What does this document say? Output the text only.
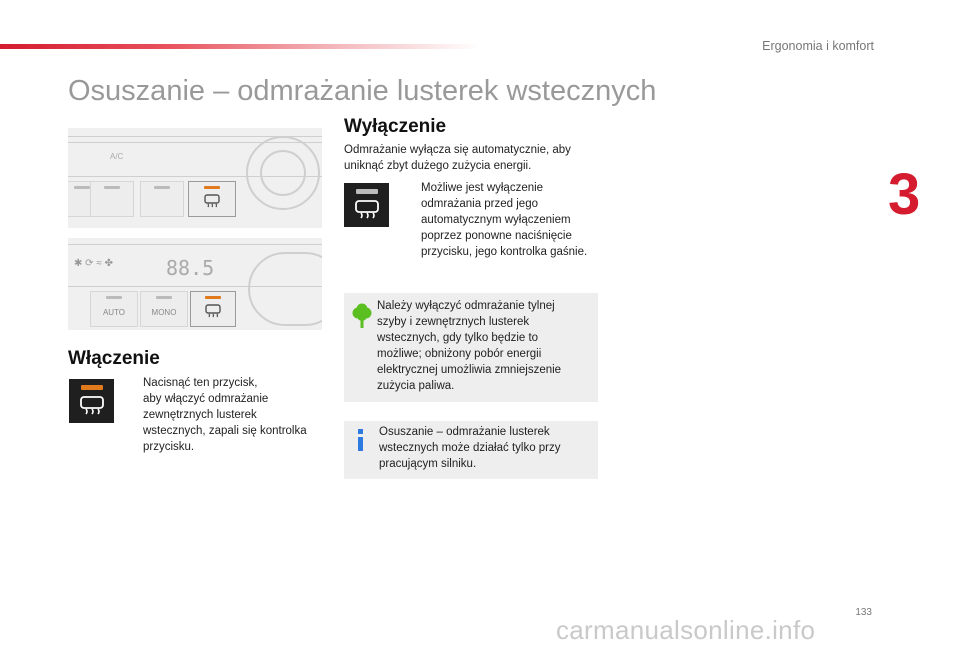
Ergonomia i komfort
3
Osuszanie – odmrażanie lusterek wstecznych
A/C
✱ ⟳ ≈ ✤	88.5
AUTO	MONO
Włączenie
Nacisnąć ten przycisk,
aby włączyć odmrażanie
zewnętrznych lusterek
wstecznych, zapali się kontrolka
przycisku.
Wyłączenie
Odmrażanie wyłącza się automatycznie, aby
uniknąć zbyt dużego zużycia energii.
Możliwe jest wyłączenie
odmrażania przed jego
automatycznym wyłączeniem
poprzez ponowne naciśnięcie
przycisku, jego kontrolka gaśnie.
Należy wyłączyć odmrażanie tylnej
szyby i zewnętrznych lusterek
wstecznych, gdy tylko będzie to
możliwe; obniżony pobór energii
elektrycznej umożliwia zmniejszenie
zużycia paliwa.
Osuszanie – odmrażanie lusterek
wstecznych może działać tylko przy
pracującym silniku.
133
carmanualsonline.info
